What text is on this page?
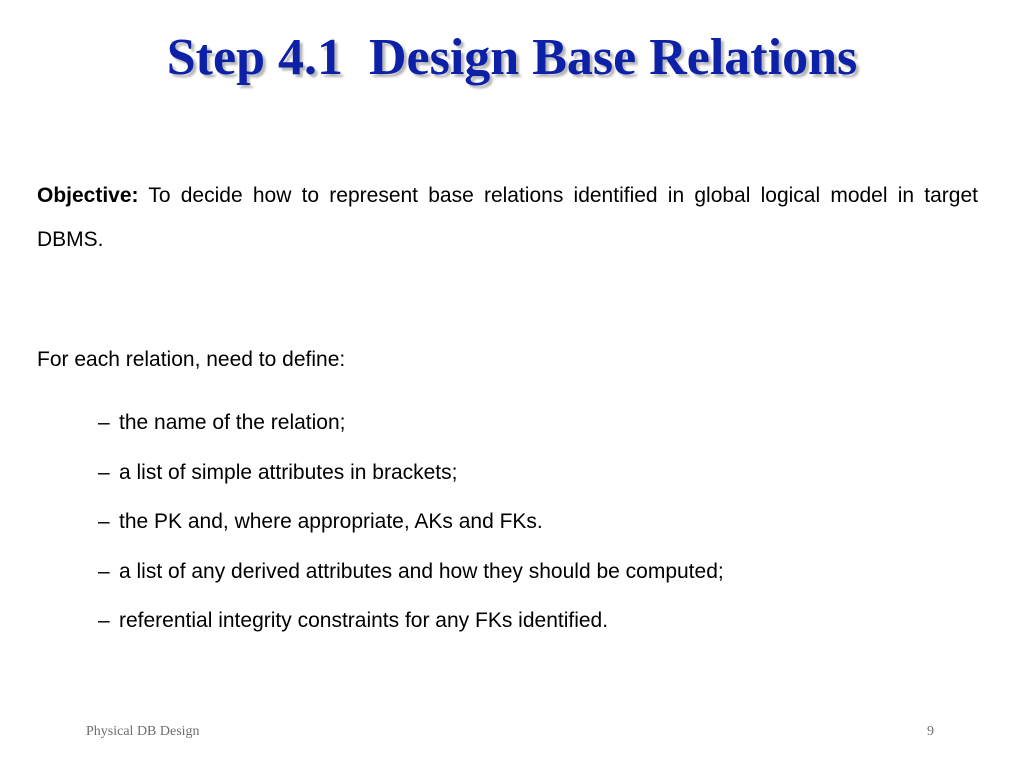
Step 4.1  Design Base Relations
Objective: To decide how to represent base relations identified in global logical model in target DBMS.
For each relation, need to define:
– the name of the relation;
– a list of simple attributes in brackets;
– the PK and, where appropriate, AKs and FKs.
– a list of any derived attributes and how they should be computed;
– referential integrity constraints for any FKs identified.
Physical DB Design	9
